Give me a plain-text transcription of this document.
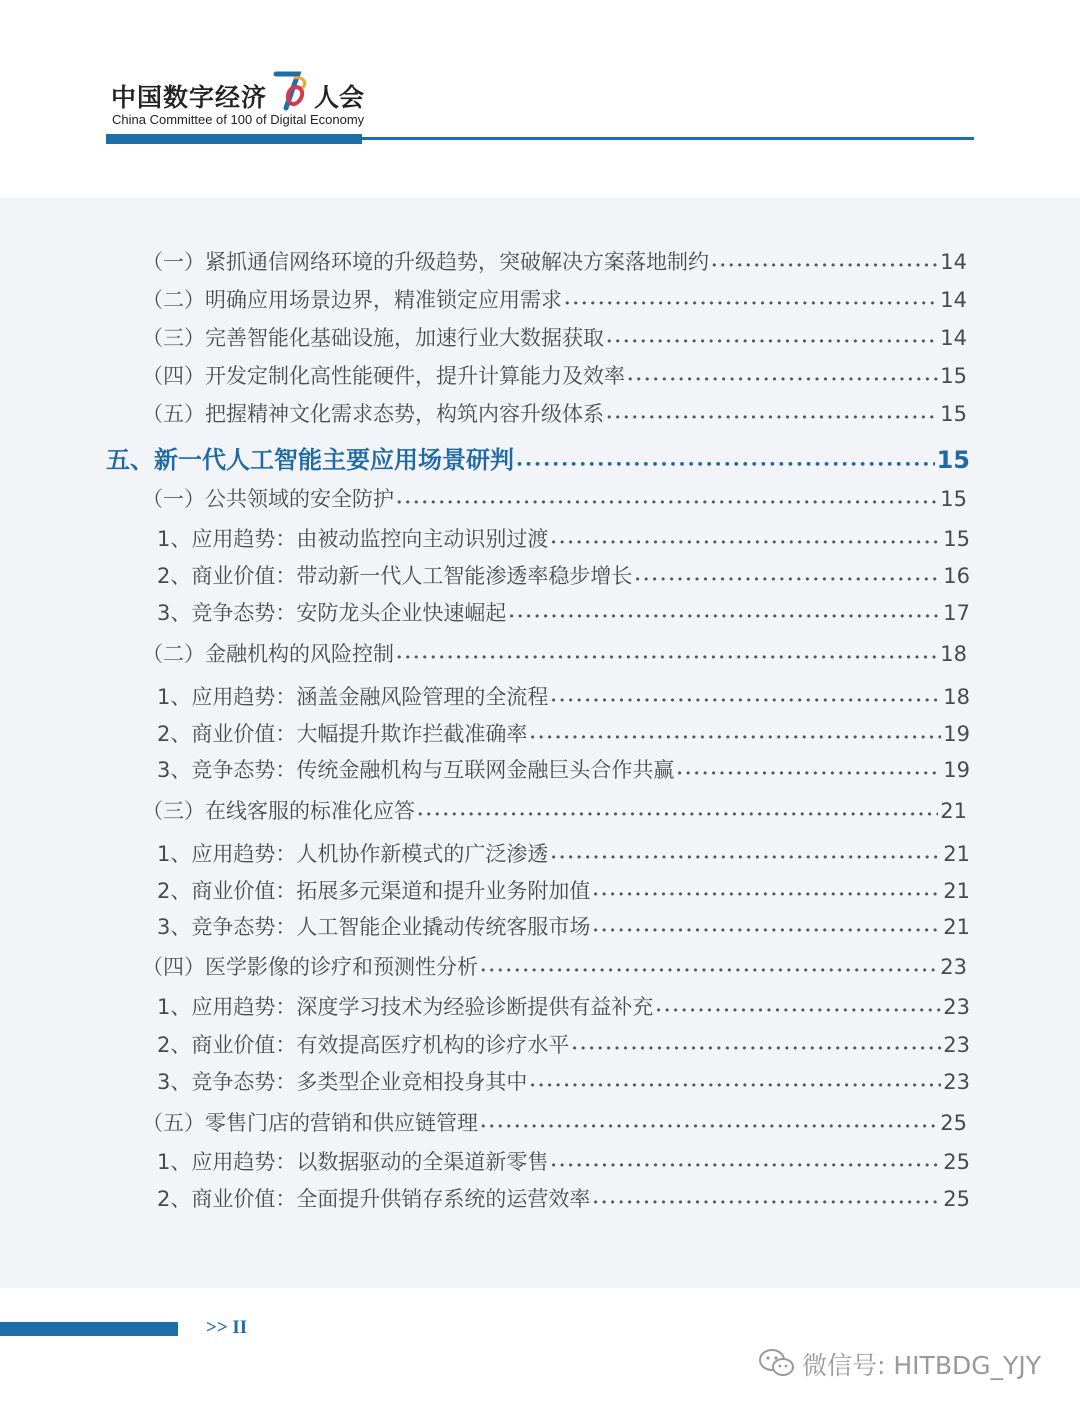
中国数字经济 人会
China Committee of 100 of Digital Economy
（一）紧抓通信网络环境的升级趋势，突破解决方案落地制约 •••••	14
（二）明确应用场景边界，精准锁定应用需求 •••••	14
（三）完善智能化基础设施，加速行业大数据获取 •••••	14
（四）开发定制化高性能硬件，提升计算能力及效率 •••••	15
（五）把握精神文化需求态势，构筑内容升级体系 •••••	15
五、新一代人工智能主要应用场景研判 •••••	15
（一）公共领域的安全防护 •••••	15
1、应用趋势：由被动监控向主动识别过渡 •••••	15
2、商业价值：带动新一代人工智能渗透率稳步增长 •••••	16
3、竞争态势：安防龙头企业快速崛起 •••••	17
（二）金融机构的风险控制 •••••	18
1、应用趋势：涵盖金融风险管理的全流程 •••••	18
2、商业价值：大幅提升欺诈拦截准确率 •••••	19
3、竞争态势：传统金融机构与互联网金融巨头合作共赢 •••••	19
（三）在线客服的标准化应答 •••••	21
1、应用趋势：人机协作新模式的广泛渗透 •••••	21
2、商业价值：拓展多元渠道和提升业务附加值 •••••	21
3、竞争态势：人工智能企业撬动传统客服市场 •••••	21
（四）医学影像的诊疗和预测性分析 •••••	23
1、应用趋势：深度学习技术为经验诊断提供有益补充 •••••	23
2、商业价值：有效提高医疗机构的诊疗水平 •••••	23
3、竞争态势：多类型企业竞相投身其中 •••••	23
（五）零售门店的营销和供应链管理 •••••	25
1、应用趋势：以数据驱动的全渠道新零售 •••••	25
2、商业价值：全面提升供销存系统的运营效率 •••••	25
>> II
微信号: HITBDG_YJY
